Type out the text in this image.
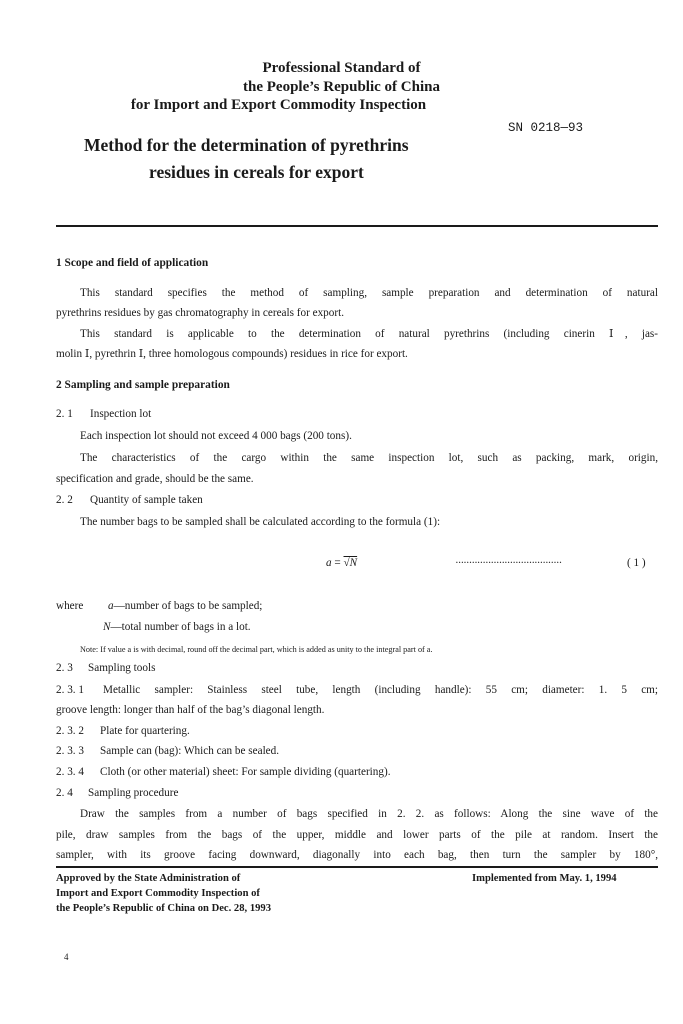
Professional Standard of
the People’s Republic of China
for Import and Export Commodity Inspection
SN 0218—93
Method for the determination of pyrethrins
residues in cereals for export
1 Scope and field of application
This standard specifies the method of sampling, sample preparation and determination of natural
pyrethrins residues by gas chromatography in cereals for export.
This standard is applicable to the determination of natural pyrethrins (including cinerin Ⅰ, jas-
molin Ⅰ, pyrethrin Ⅰ, three homologous compounds) residues in rice for export.
2 Sampling and sample preparation
2. 1 Inspection lot
Each inspection lot should not exceed 4 000 bags (200 tons).
The characteristics of the cargo within the same inspection lot, such as packing, mark, origin,
specification and grade, should be the same.
2. 2 Quantity of sample taken
The number bags to be sampled shall be calculated according to the formula (1):
a = √N	·······································	( 1 )
where a—number of bags to be sampled;
N—total number of bags in a lot.
Note: If value a is with decimal, round off the decimal part, which is added as unity to the integral part of a.
2. 3 Sampling tools
2. 3. 1 Metallic sampler: Stainless steel tube, length (including handle): 55 cm; diameter: 1. 5 cm;
groove length: longer than half of the bag’s diagonal length.
2. 3. 2 Plate for quartering.
2. 3. 3 Sample can (bag): Which can be sealed.
2. 3. 4 Cloth (or other material) sheet: For sample dividing (quartering).
2. 4 Sampling procedure
Draw the samples from a number of bags specified in 2. 2. as follows: Along the sine wave of the
pile, draw samples from the bags of the upper, middle and lower parts of the pile at random. Insert the
sampler, with its groove facing downward, diagonally into each bag, then turn the sampler by 180°,
Approved by the State Administration of
Import and Export Commodity Inspection of
the People’s Republic of China on Dec. 28, 1993
Implemented from May. 1, 1994
4
